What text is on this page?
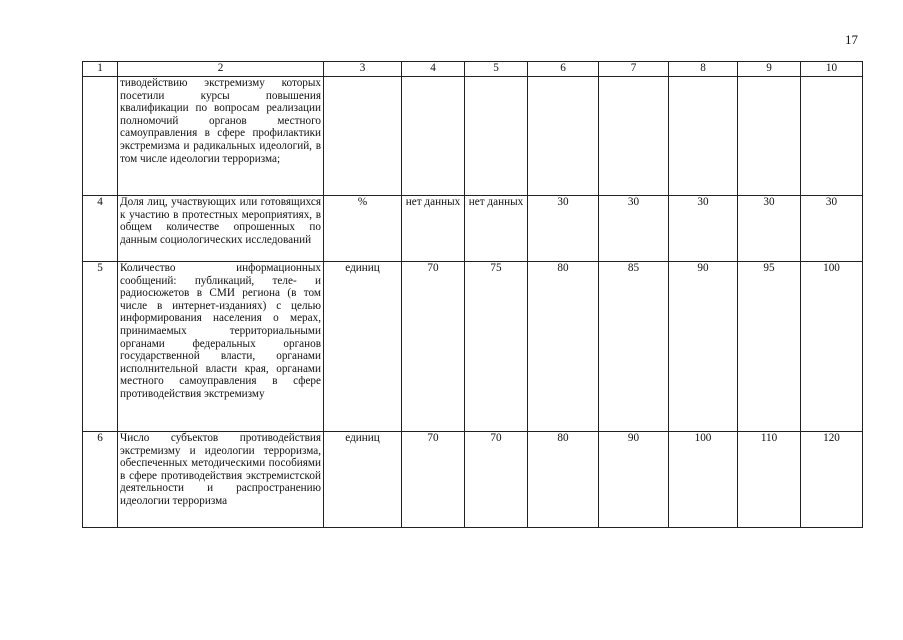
17
1	2	3	4	5	6	7	8	9	10
	тиводействию экстремизму которых посетили курсы повышения квалификации по вопросам реализации полномочий органов местного самоуправления в сфере профилактики экстремизма и радикальных идеологий, в том числе идеологии терроризма;								
4	Доля лиц, участвующих или готовящихся к участию в протестных мероприятиях, в общем количестве опрошенных по данным социологических исследований	%	нет данных	нет данных	30	30	30	30	30
5	Количество информационных сообщений: публикаций, теле- и радиосюжетов в СМИ региона (в том числе в интернет-изданиях) с целью информирования населения о мерах, принимаемых территориальными органами федеральных органов государственной власти, органами исполнительной власти края, органами местного самоуправления в сфере противодействия экстремизму	единиц	70	75	80	85	90	95	100
6	Число субъектов противодействия экстремизму и идеологии терроризма, обеспеченных методическими пособиями в сфере противодействия экстремистской деятельности и распространению идеологии терроризма	единиц	70	70	80	90	100	110	120
